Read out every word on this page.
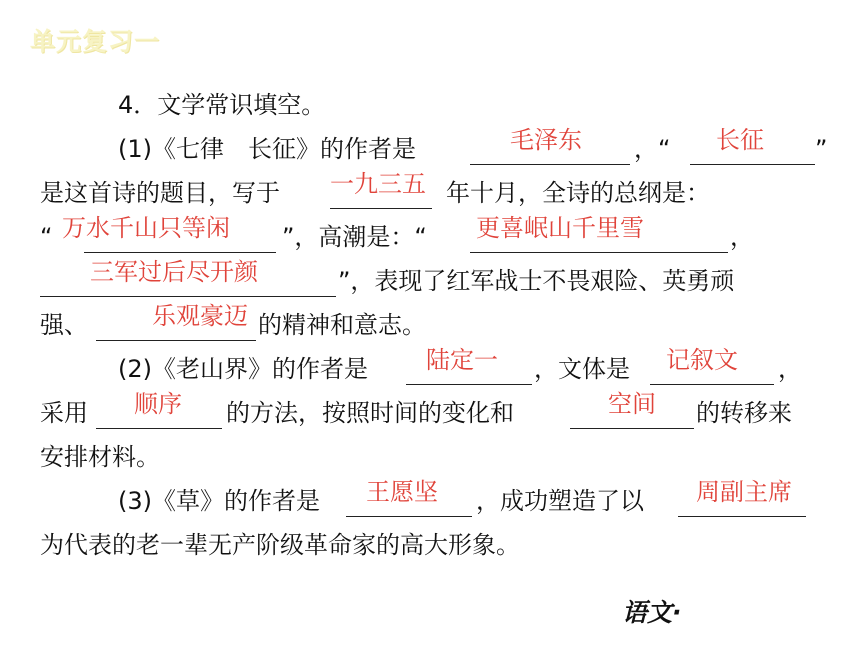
单元复习一
4．文学常识填空。
(1)《七律　长征》的作者是	毛泽东 ，“ 长征 ”
是这首诗的题目，写于 一九三五 年十月，全诗的总纲是：
“ 万水千山只等闲 ”，高潮是：“ 更喜岷山千里雪	，
三军过后尽开颜	”，表现了红军战士不畏艰险、英勇顽
强、	乐观豪迈 的精神和意志。
(2)《老山界》的作者是 陆定一 ，文体是 记叙文 ，
采用 顺序 的方法，按照时间的变化和	空间 的转移来
安排材料。
(3)《草》的作者是 王愿坚 ，成功塑造了以 周副主席
为代表的老一辈无产阶级革命家的高大形象。
语文·
